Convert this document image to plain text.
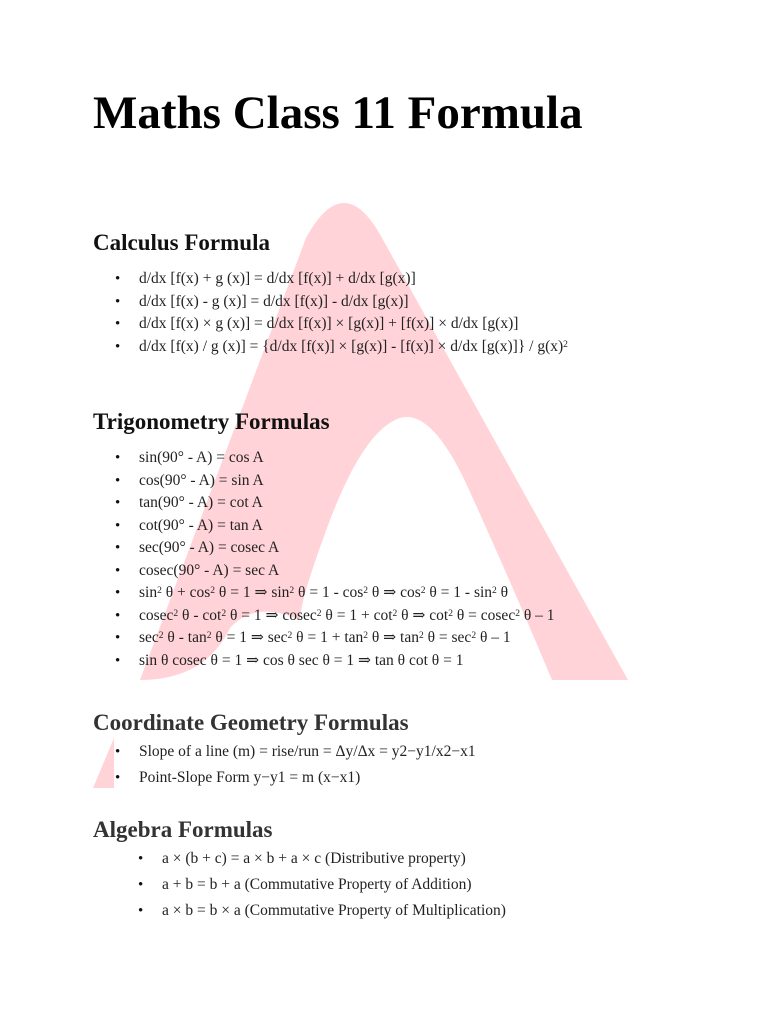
Maths Class 11 Formula
Calculus Formula
• d/dx [f(x) + g (x)] = d/dx [f(x)] + d/dx [g(x)]
• d/dx [f(x) - g (x)] = d/dx [f(x)] - d/dx [g(x)]
• d/dx [f(x) × g (x)] = d/dx [f(x)] × [g(x)] + [f(x)] × d/dx [g(x)]
• d/dx [f(x) / g (x)] = {d/dx [f(x)] × [g(x)] - [f(x)] × d/dx $[g(x)]\} / g(x)^2$
Trigonometry Formulas
• sin(90° - A) = cos A
• cos(90° - A) = sin A
• tan(90° - A) = cot A
• cot(90° - A) = tan A
• sec(90° - A) = cosec A
• cosec(90° - A) = sec A
• $\sin^2 \theta + \cos^2 \theta = 1$ ⇒ $\sin^2 \theta = 1 - \cos^2 \theta$ ⇒ $\cos^2 \theta = 1 - \sin^2 \theta$
• cosec$^2$ $\theta - \cot^2 \theta = 1$ ⇒ cosec$^2$ $\theta = 1 + \cot^2 \theta$ ⇒ $\cot^2 \theta = cosec^2$ θ – 1
• $\sec^2 \theta - \tan^2 \theta = 1$ ⇒ $\sec^2 \theta = 1 + \tan^2 \theta$ ⇒ $\tan^2 \theta = \sec^2 \theta - 1$
• sin θ cosec θ = 1 ⇒ cos θ sec θ = 1 ⇒ tan θ cot θ = 1
Coordinate Geometry Formulas
• Slope of a line (m) = rise/run = Δy/Δx = y2−y1/x2−x1
• Point-Slope Form y−y1 = m (x−x1)
Algebra Formulas
• a × (b + c) = a × b + a × c (Distributive property)
• a + b = b + a (Commutative Property of Addition)
• a × b = b × a (Commutative Property of Multiplication)
